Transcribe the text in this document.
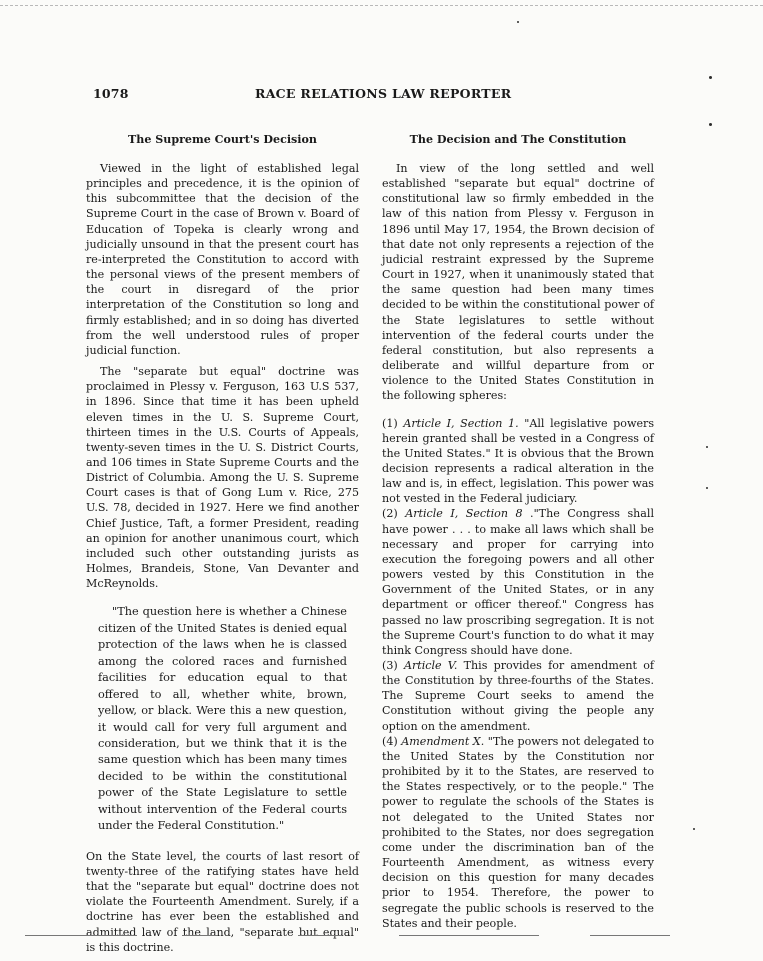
1078	RACE RELATIONS LAW REPORTER
The Supreme Court's Decision

Viewed in the light of established legal principles and precedence, it is the opinion of this subcommittee that the decision of the Supreme Court in the case of Brown v. Board of Education of Topeka is clearly wrong and judicially unsound in that the present court has re-interpreted the Constitution to accord with the personal views of the present members of the court in disregard of the prior interpretation of the Constitution so long and firmly established; and in so doing has diverted from the well understood rules of proper judicial function.

The "separate but equal" doctrine was proclaimed in Plessy v. Ferguson, 163 U.S 537, in 1896. Since that time it has been upheld eleven times in the U. S. Supreme Court, thirteen times in the U.S. Courts of Appeals, twenty-seven times in the U. S. District Courts, and 106 times in State Supreme Courts and the District of Columbia. Among the U. S. Supreme Court cases is that of Gong Lum v. Rice, 275 U.S. 78, decided in 1927. Here we find another Chief Justice, Taft, a former President, reading an opinion for another unanimous court, which included such other outstanding jurists as Holmes, Brandeis, Stone, Van Devanter and McReynolds.

"The question here is whether a Chinese citizen of the United States is denied equal protection of the laws when he is classed among the colored races and furnished facilities for education equal to that offered to all, whether white, brown, yellow, or black. Were this a new question, it would call for very full argument and consideration, but we think that it is the same question which has been many times decided to be within the constitutional power of the State Legislature to settle without intervention of the Federal courts under the Federal Constitution."

On the State level, the courts of last resort of twenty-three of the ratifying states have held that the "separate but equal" doctrine does not violate the Fourteenth Amendment. Surely, if a doctrine has ever been the established and admitted law of the land, "separate but equal" is this doctrine.

The Decision and The Constitution

In view of the long settled and well established "separate but equal" doctrine of constitutional law so firmly embedded in the law of this nation from Plessy v. Ferguson in 1896 until May 17, 1954, the Brown decision of that date not only represents a rejection of the judicial restraint expressed by the Supreme Court in 1927, when it unanimously stated that the same question had been many times decided to be within the constitutional power of the State legislatures to settle without intervention of the federal courts under the federal constitution, but also represents a deliberate and willful departure from or violence to the United States Constitution in the following spheres:

(1) Article I, Section 1. "All legislative powers herein granted shall be vested in a Congress of the United States." It is obvious that the Brown decision represents a radical alteration in the law and is, in effect, legislation. This power was not vested in the Federal judiciary.

(2) Article I, Section 8 ."The Congress shall have power . . . to make all laws which shall be necessary and proper for carrying into execution the foregoing powers and all other powers vested by this Constitution in the Government of the United States, or in any department or officer thereof." Congress has passed no law proscribing segregation. It is not the Supreme Court's function to do what it may think Congress should have done.

(3) Article V. This provides for amendment of the Constitution by three-fourths of the States. The Supreme Court seeks to amend the Constitution without giving the people any option on the amendment.

(4) Amendment X. "The powers not delegated to the United States by the Constitution nor prohibited by it to the States, are reserved to the States respectively, or to the people." The power to regulate the schools of the States is not delegated to the United States nor prohibited to the States, nor does segregation come under the discrimination ban of the Fourteenth Amendment, as witness every decision on this question for many decades prior to 1954. Therefore, the power to segregate the public schools is reserved to the States and their people.
